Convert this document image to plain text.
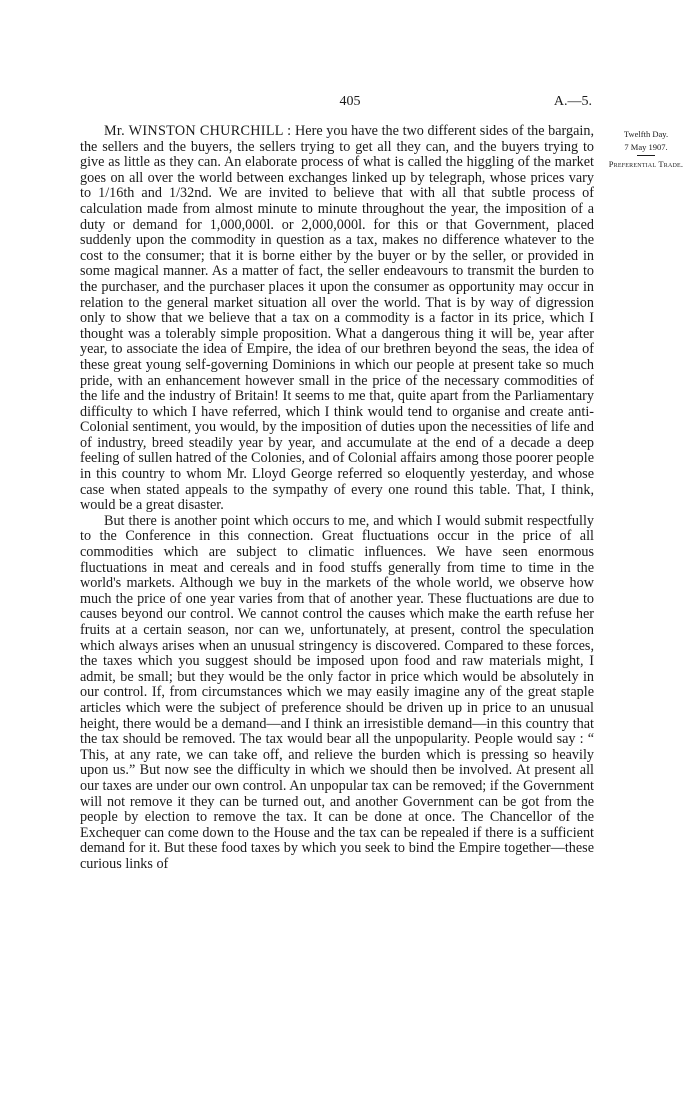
405	A.—5.
Twelfth Day.
7 May 1907.
Preferential Trade.

Mr. WINSTON CHURCHILL : Here you have the two different sides of the bargain, the sellers and the buyers, the sellers trying to get all they can, and the buyers trying to give as little as they can. An elaborate process of what is called the higgling of the market goes on all over the world between exchanges linked up by telegraph, whose prices vary to 1/16th and 1/32nd. We are invited to believe that with all that subtle process of calculation made from almost minute to minute throughout the year, the imposition of a duty or demand for 1,000,000l. or 2,000,000l. for this or that Government, placed suddenly upon the commodity in question as a tax, makes no difference whatever to the cost to the consumer; that it is borne either by the buyer or by the seller, or provided in some magical manner. As a matter of fact, the seller endeavours to transmit the burden to the purchaser, and the purchaser places it upon the consumer as opportunity may occur in relation to the general market situation all over the world. That is by way of digression only to show that we believe that a tax on a commodity is a factor in its price, which I thought was a tolerably simple proposition. What a dangerous thing it will be, year after year, to associate the idea of Empire, the idea of our brethren beyond the seas, the idea of these great young self-governing Dominions in which our people at present take so much pride, with an enhancement however small in the price of the necessary commodities of the life and the industry of Britain! It seems to me that, quite apart from the Parliamentary difficulty to which I have referred, which I think would tend to organise and create anti-Colonial sentiment, you would, by the imposition of duties upon the necessities of life and of industry, breed steadily year by year, and accumulate at the end of a decade a deep feeling of sullen hatred of the Colonies, and of Colonial affairs among those poorer people in this country to whom Mr. Lloyd George referred so eloquently yesterday, and whose case when stated appeals to the sympathy of every one round this table. That, I think, would be a great disaster.

But there is another point which occurs to me, and which I would submit respectfully to the Conference in this connection. Great fluctuations occur in the price of all commodities which are subject to climatic influences. We have seen enormous fluctuations in meat and cereals and in food stuffs generally from time to time in the world's markets. Although we buy in the markets of the whole world, we observe how much the price of one year varies from that of another year. These fluctuations are due to causes beyond our control. We cannot control the causes which make the earth refuse her fruits at a certain season, nor can we, unfortunately, at present, control the speculation which always arises when an unusual stringency is discovered. Compared to these forces, the taxes which you suggest should be imposed upon food and raw materials might, I admit, be small; but they would be the only factor in price which would be absolutely in our control. If, from circumstances which we may easily imagine any of the great staple articles which were the subject of preference should be driven up in price to an unusual height, there would be a demand—and I think an irresistible demand—in this country that the tax should be removed. The tax would bear all the unpopularity. People would say : “ This, at any rate, we can take off, and relieve the burden which is pressing so heavily upon us.” But now see the difficulty in which we should then be involved. At present all our taxes are under our own control. An unpopular tax can be removed; if the Government will not remove it they can be turned out, and another Government can be got from the people by election to remove the tax. It can be done at once. The Chancellor of the Exchequer can come down to the House and the tax can be repealed if there is a sufficient demand for it. But these food taxes by which you seek to bind the Empire together—these curious links of
